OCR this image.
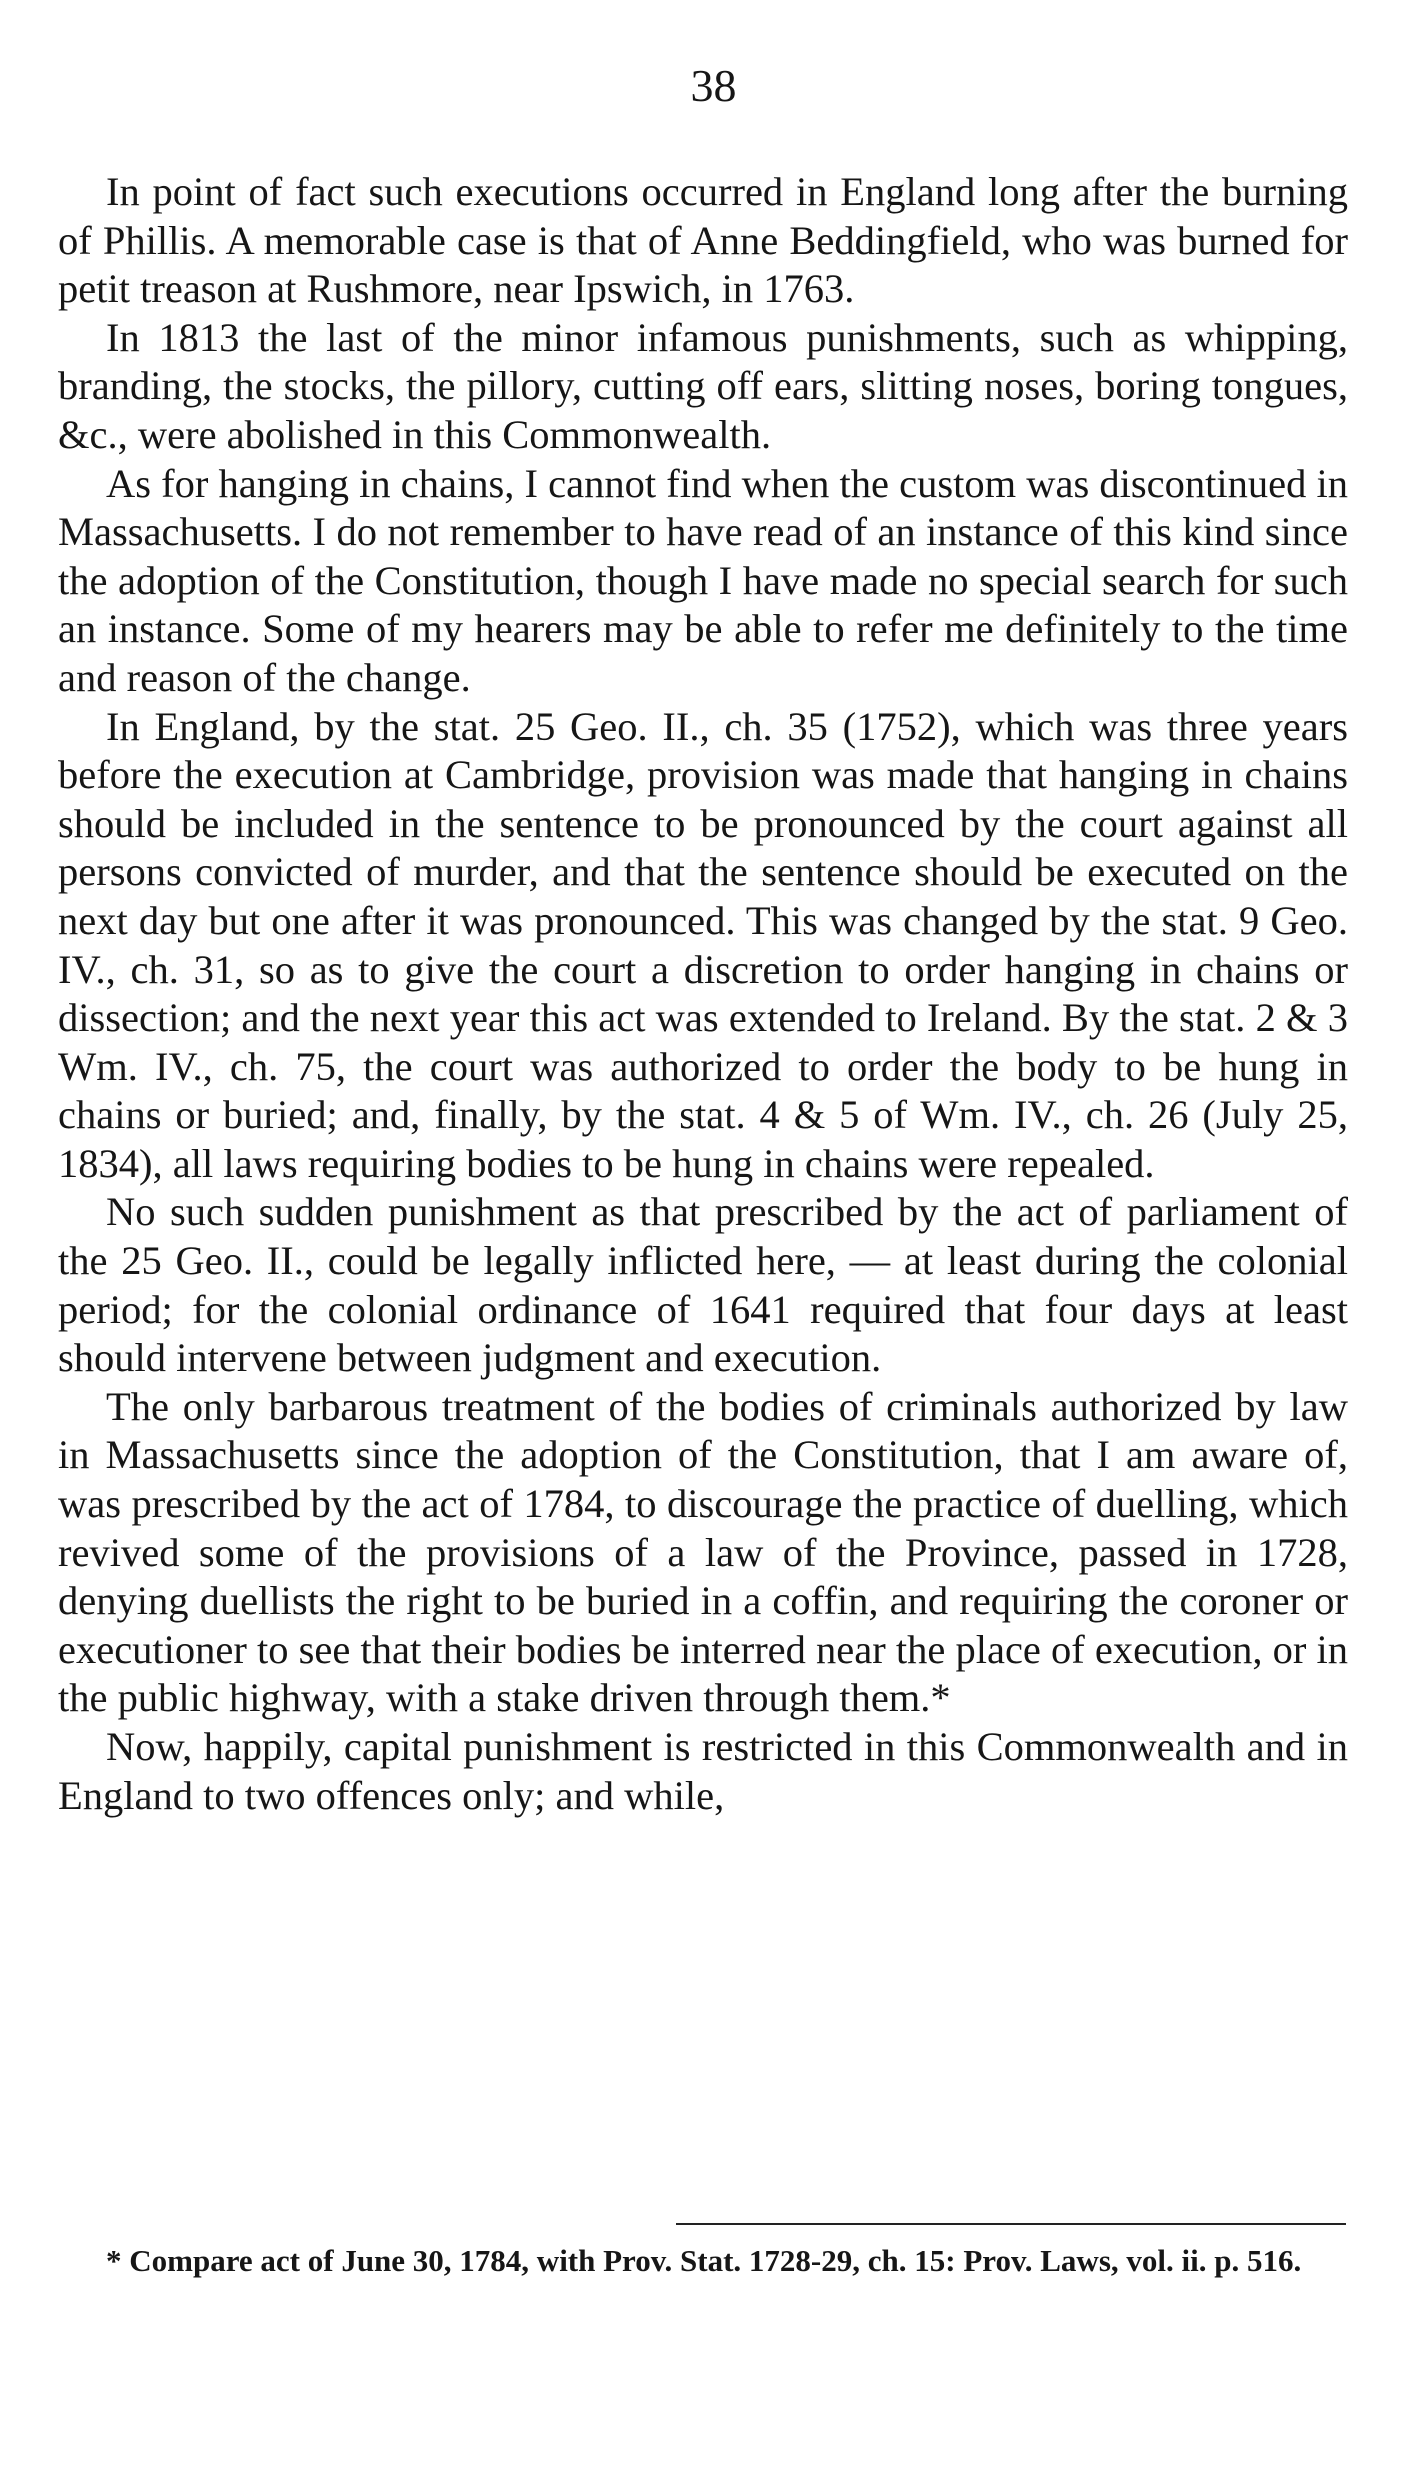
38

In point of fact such executions occurred in England long after the burning of Phillis. A memorable case is that of Anne Beddingfield, who was burned for petit treason at Rushmore, near Ipswich, in 1763.

In 1813 the last of the minor infamous punishments, such as whipping, branding, the stocks, the pillory, cutting off ears, slitting noses, boring tongues, &c., were abolished in this Commonwealth.

As for hanging in chains, I cannot find when the custom was discontinued in Massachusetts. I do not remember to have read of an instance of this kind since the adoption of the Constitution, though I have made no special search for such an instance. Some of my hearers may be able to refer me definitely to the time and reason of the change.

In England, by the stat. 25 Geo. II., ch. 35 (1752), which was three years before the execution at Cambridge, provision was made that hanging in chains should be included in the sentence to be pronounced by the court against all persons convicted of murder, and that the sentence should be executed on the next day but one after it was pronounced. This was changed by the stat. 9 Geo. IV., ch. 31, so as to give the court a discretion to order hanging in chains or dissection; and the next year this act was extended to Ireland. By the stat. 2 & 3 Wm. IV., ch. 75, the court was authorized to order the body to be hung in chains or buried; and, finally, by the stat. 4 & 5 of Wm. IV., ch. 26 (July 25, 1834), all laws requiring bodies to be hung in chains were repealed.

No such sudden punishment as that prescribed by the act of parliament of the 25 Geo. II., could be legally inflicted here, — at least during the colonial period; for the colonial ordinance of 1641 required that four days at least should intervene between judgment and execution.

The only barbarous treatment of the bodies of criminals authorized by law in Massachusetts since the adoption of the Constitution, that I am aware of, was prescribed by the act of 1784, to discourage the practice of duelling, which revived some of the provisions of a law of the Province, passed in 1728, denying duellists the right to be buried in a coffin, and requiring the coroner or executioner to see that their bodies be interred near the place of execution, or in the public highway, with a stake driven through them.*

Now, happily, capital punishment is restricted in this Commonwealth and in England to two offences only; and while,

* Compare act of June 30, 1784, with Prov. Stat. 1728-29, ch. 15: Prov. Laws, vol. ii. p. 516.
